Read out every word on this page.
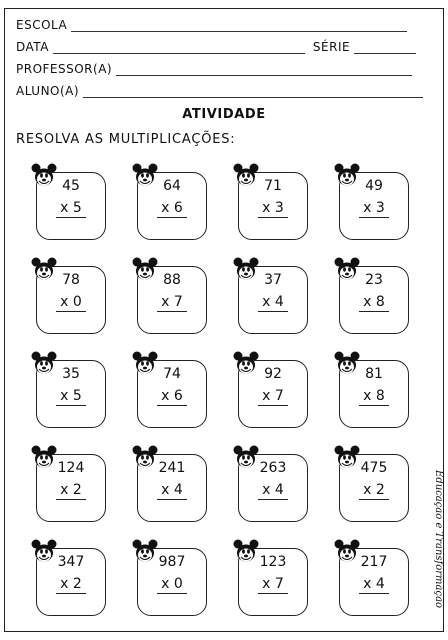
ESCOLA
DATA	SÉRIE
PROFESSOR(A)
ALUNO(A)
ATIVIDADE
RESOLVA AS MULTIPLICAÇÕES:
45
x 5
64
x 6
71
x 3
49
x 3
78
x 0
88
x 7
37
x 4
23
x 8
35
x 5
74
x 6
92
x 7
81
x 8
124
x 2
241
x 4
263
x 4
475
x 2
347
x 2
987
x 0
123
x 7
217
x 4	Educação e Transformação
